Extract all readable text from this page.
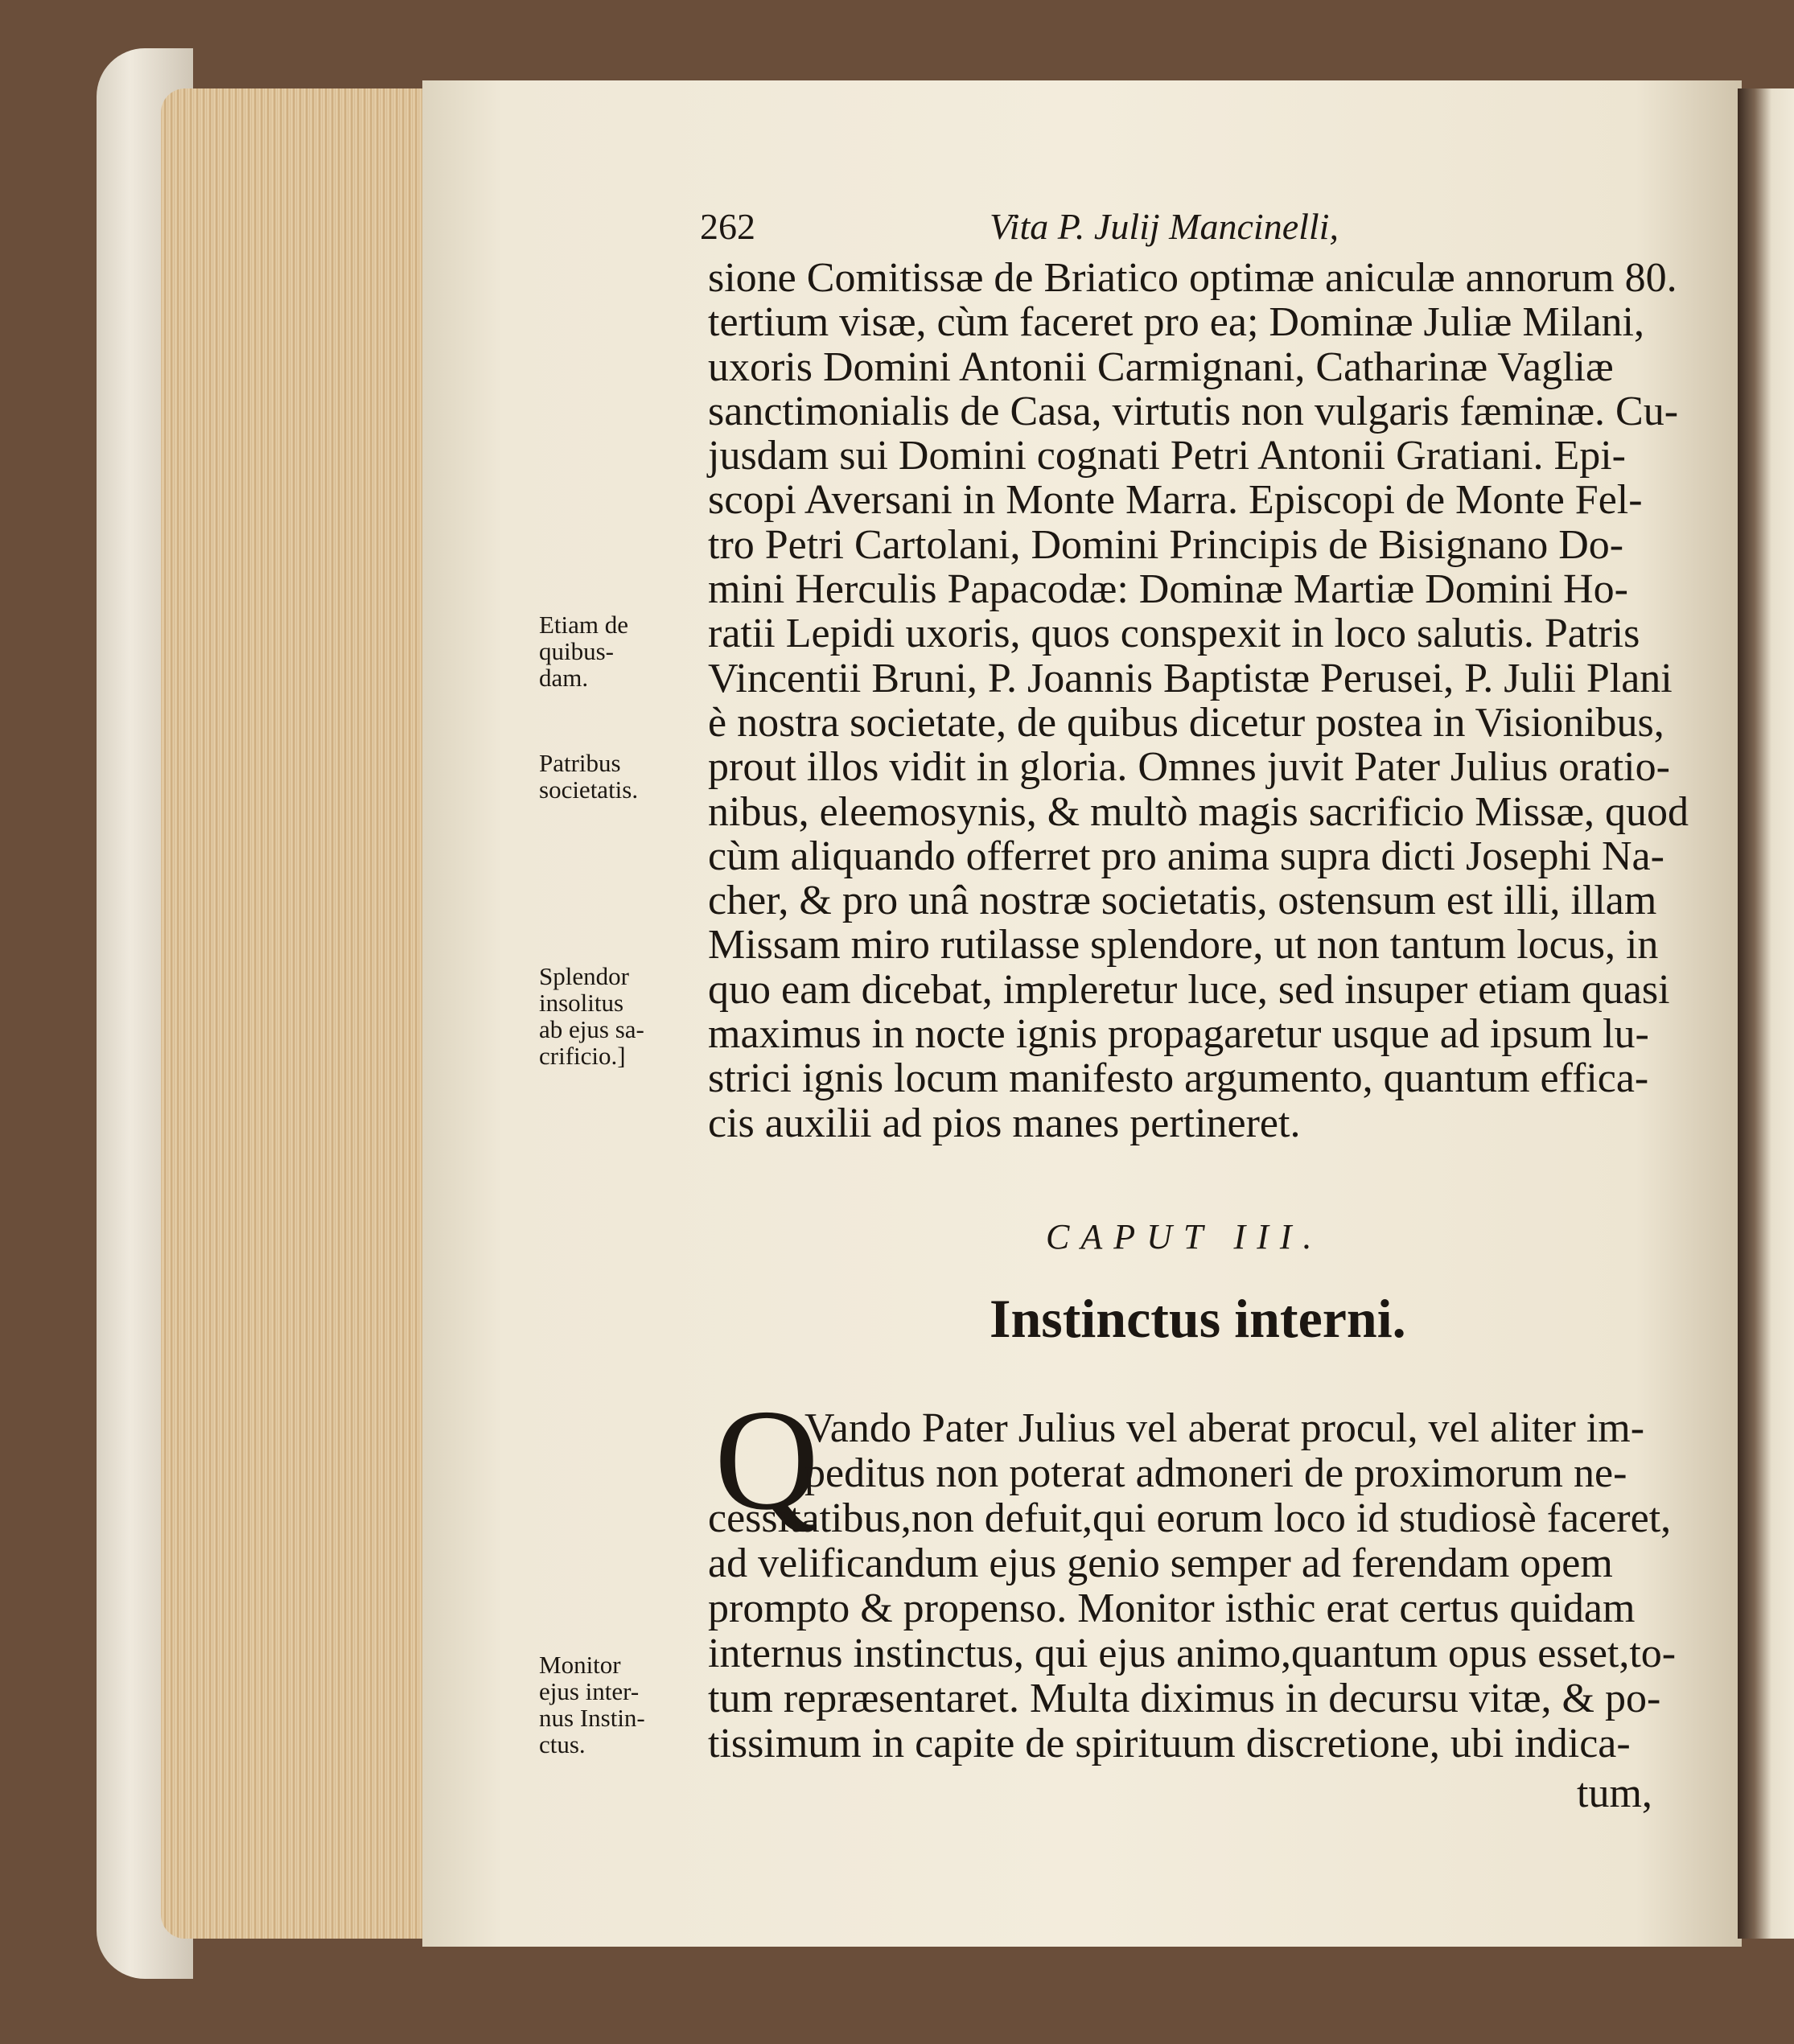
262	Vita P. Julij Mancinelli,
sione Comitissæ de Briatico optimæ aniculæ annorum 80.
tertium visæ, cùm faceret pro ea; Dominæ Juliæ Milani,
uxoris Domini Antonii Carmignani, Catharinæ Vagliæ
sanctimonialis de Casa, virtutis non vulgaris fæminæ. Cu-
jusdam sui Domini cognati Petri Antonii Gratiani. Epi-
scopi Aversani in Monte Marra. Episcopi de Monte Fel-
tro Petri Cartolani, Domini Principis de Bisignano Do-
mini Herculis Papacodæ: Dominæ Martiæ Domini Ho-
ratii Lepidi uxoris, quos conspexit in loco salutis. Patris
Vincentii Bruni, P. Joannis Baptistæ Perusei, P. Julii Plani
è nostra societate, de quibus dicetur postea in Visionibus,
prout illos vidit in gloria. Omnes juvit Pater Julius oratio-
nibus, eleemosynis, & multò magis sacrificio Missæ, quod
cùm aliquando offerret pro anima supra dicti Josephi Na-
cher, & pro unâ nostræ societatis, ostensum est illi, illam
Missam miro rutilasse splendore, ut non tantum locus, in
quo eam dicebat, impleretur luce, sed insuper etiam quasi
maximus in nocte ignis propagaretur usque ad ipsum lu-
strici ignis locum manifesto argumento, quantum effica-
cis auxilii ad pios manes pertineret.
Etiam de
quibus-
dam.
Patribus
societatis.
Splendor
insolitus
ab ejus sa-
crificio.]
Monitor
ejus inter-
nus Instin-
ctus.
CAPUT III.
Instinctus interni.
Q
Vando Pater Julius vel aberat procul, vel aliter im-
peditus non poterat admoneri de proximorum ne-
cessitatibus,non defuit,qui eorum loco id studiosè faceret,
ad velificandum ejus genio semper ad ferendam opem
prompto & propenso. Monitor isthic erat certus quidam
internus instinctus, qui ejus animo,quantum opus esset,to-
tum repræsentaret. Multa diximus in decursu vitæ, & po-
tissimum in capite de spirituum discretione, ubi indica-
tum,
